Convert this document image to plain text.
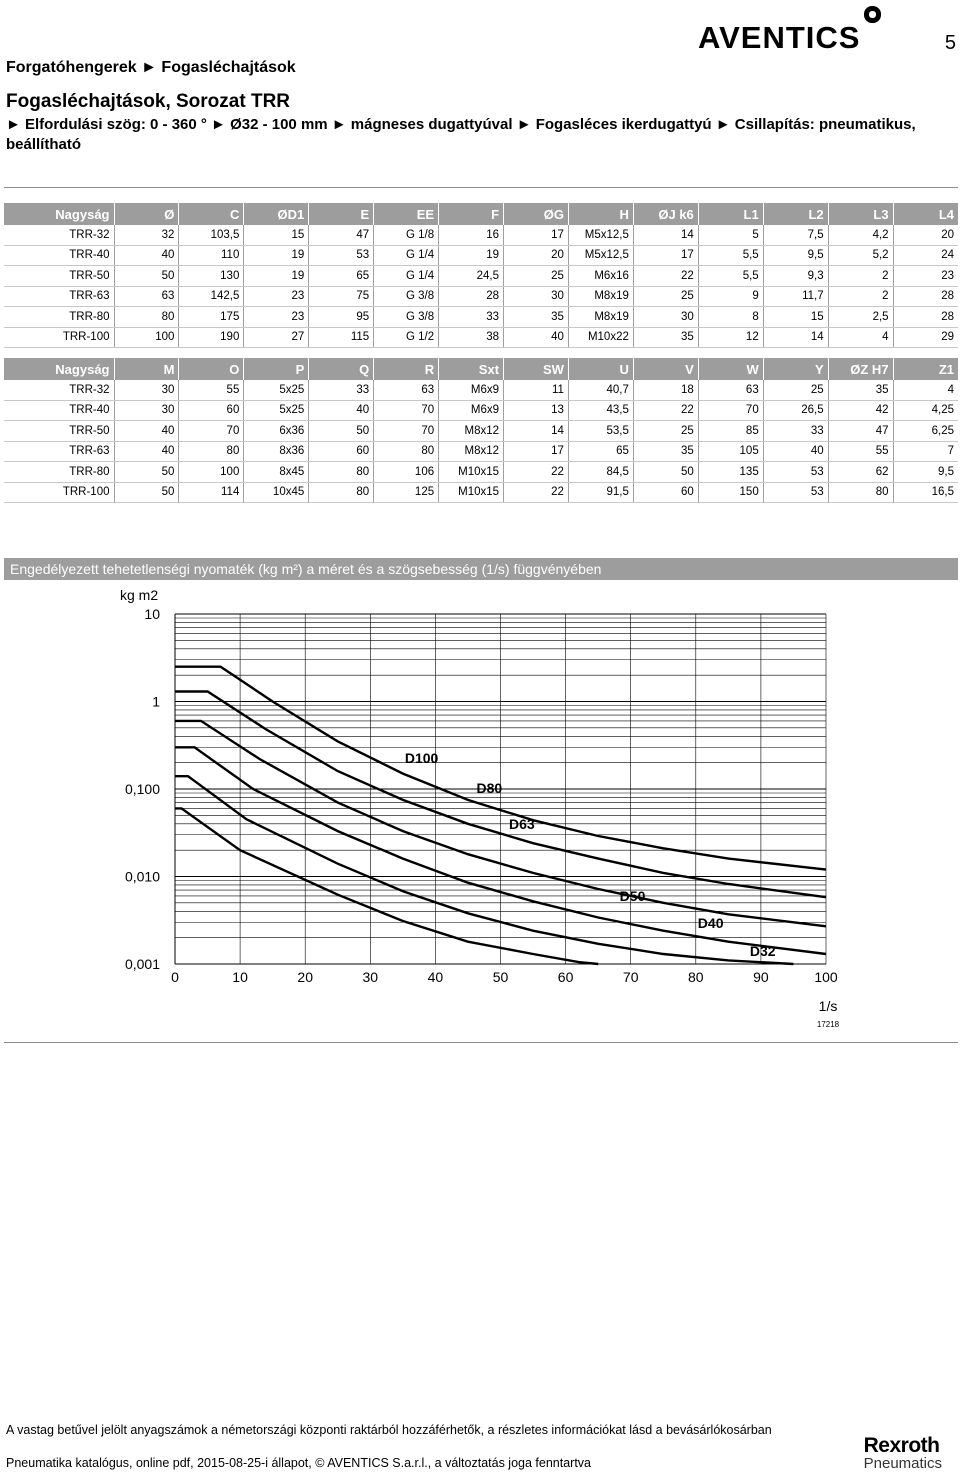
5
AVENTICS
Forgatóhengerek ► Fogasléchajtások
Fogasléchajtások, Sorozat TRR
► Elfordulási szög: 0 - 360 ° ► Ø32 - 100 mm ► mágneses dugattyúval ► Fogasléces ikerdugattyú ► Csillapítás: pneumatikus, beállítható
Nagyság	Ø	C	ØD1	E	EE	F	ØG	H	ØJ k6	L1	L2	L3	L4
TRR-32	32	103,5	15	47	G 1/8	16	17	M5x12,5	14	5	7,5	4,2	20
TRR-40	40	110	19	53	G 1/4	19	20	M5x12,5	17	5,5	9,5	5,2	24
TRR-50	50	130	19	65	G 1/4	24,5	25	M6x16	22	5,5	9,3	2	23
TRR-63	63	142,5	23	75	G 3/8	28	30	M8x19	25	9	11,7	2	28
TRR-80	80	175	23	95	G 3/8	33	35	M8x19	30	8	15	2,5	28
TRR-100	100	190	27	115	G 1/2	38	40	M10x22	35	12	14	4	29
Nagyság	M	O	P	Q	R	Sxt	SW	U	V	W	Y	ØZ H7	Z1
TRR-32	30	55	5x25	33	63	M6x9	11	40,7	18	63	25	35	4
TRR-40	30	60	5x25	40	70	M6x9	13	43,5	22	70	26,5	42	4,25
TRR-50	40	70	6x36	50	70	M8x12	14	53,5	25	85	33	47	6,25
TRR-63	40	80	8x36	60	80	M8x12	17	65	35	105	40	55	7
TRR-80	50	100	8x45	80	106	M10x15	22	84,5	50	135	53	62	9,5
TRR-100	50	114	10x45	80	125	M10x15	22	91,5	60	150	53	80	16,5
Engedélyezett tehetetlenségi nyomaték (kg m²) a méret és a szögsebesség (1/s) függvényében
0	10	20	30	40	50	60	70	80	90	100
10
1
0,100
0,010
0,001
kg m2
1/s
17218
D100
D80
D63
D50
D40
D32
A vastag betűvel jelölt anyagszámok a németországi központi raktárból hozzáférhetők, a részletes információkat lásd a bevásárlókosárban
Pneumatika katalógus, online pdf, 2015-08-25-i állapot, © AVENTICS S.a.r.l., a változtatás joga fenntartva
Rexroth
Pneumatics
